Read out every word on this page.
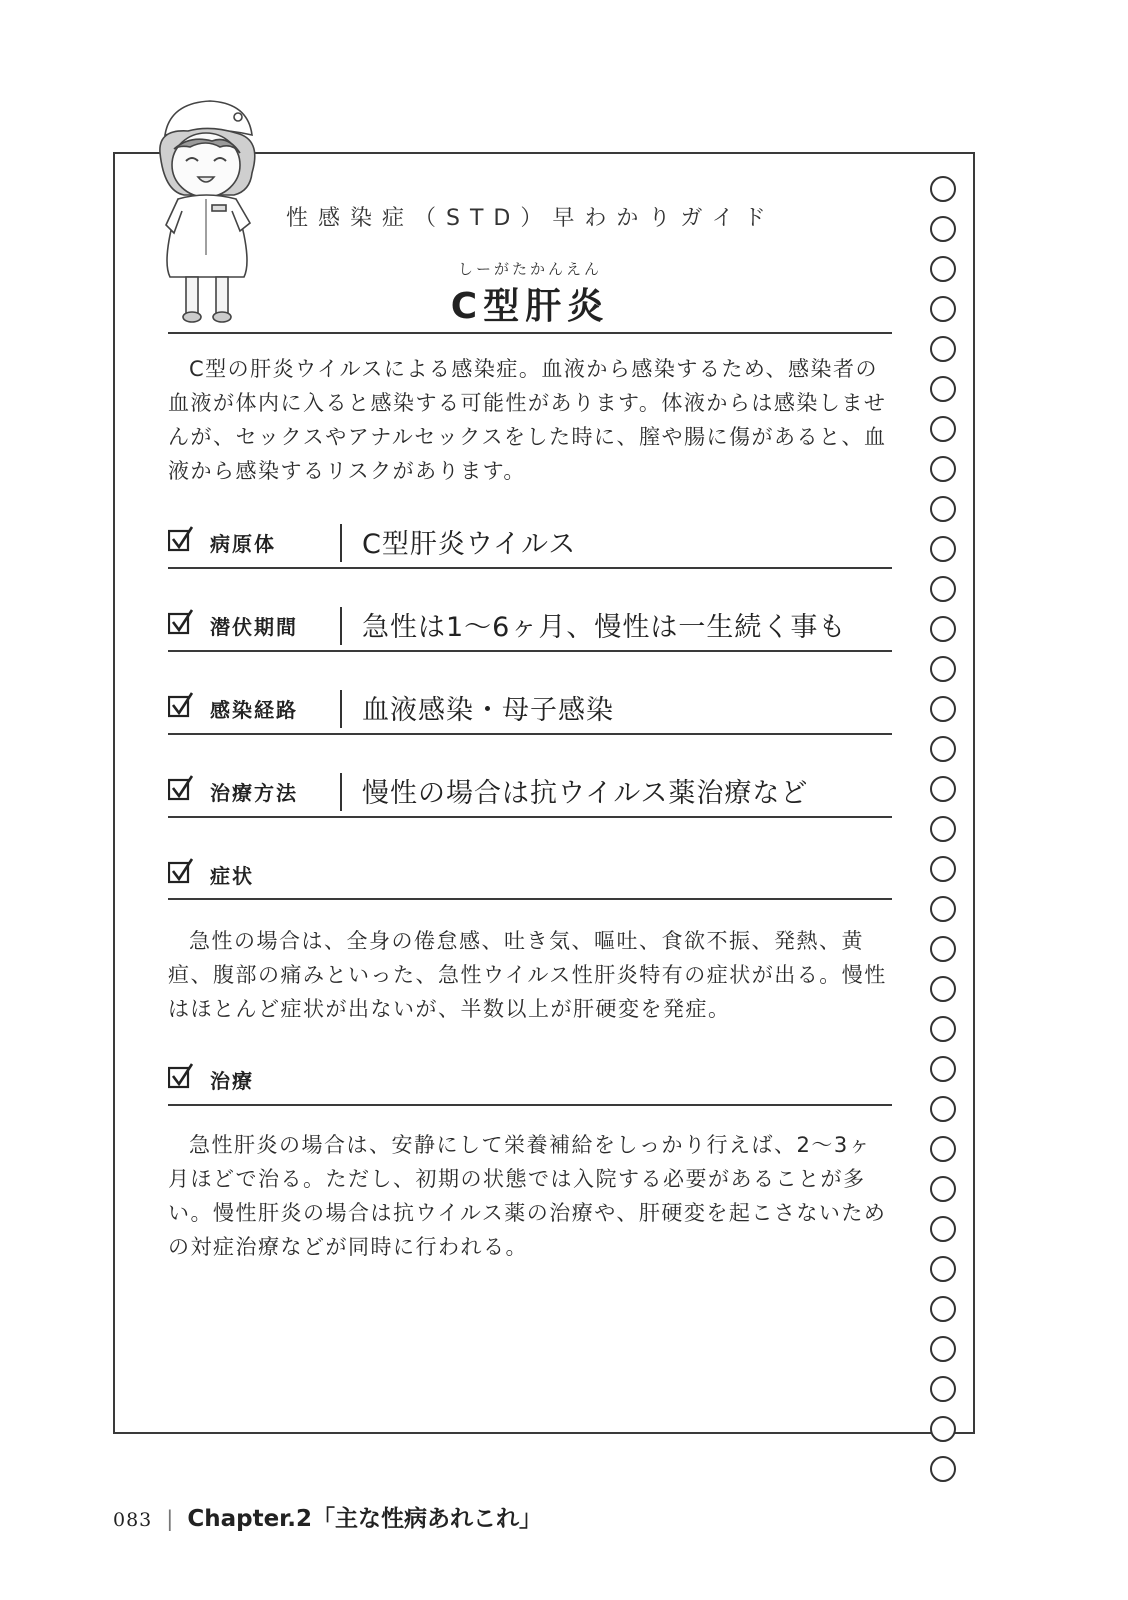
性感染症（STD）早わかりガイド
しーがたかんえん
C型肝炎

C型の肝炎ウイルスによる感染症。血液から感染するため、感染者の血液が体内に入ると感染する可能性があります。体液からは感染しませんが、セックスやアナルセックスをした時に、膣や腸に傷があると、血液から感染するリスクがあります。

病原体	C型肝炎ウイルス
潜伏期間 急性は1～6ヶ月、慢性は一生続く事も
感染経路 血液感染・母子感染
治療方法 慢性の場合は抗ウイルス薬治療など
症状

急性の場合は、全身の倦怠感、吐き気、嘔吐、食欲不振、発熱、黄疸、腹部の痛みといった、急性ウイルス性肝炎特有の症状が出る。慢性はほとんど症状が出ないが、半数以上が肝硬変を発症。

治療

急性肝炎の場合は、安静にして栄養補給をしっかり行えば、2～3ヶ月ほどで治る。ただし、初期の状態では入院する必要があることが多い。慢性肝炎の場合は抗ウイルス薬の治療や、肝硬変を起こさないための対症治療などが同時に行われる。

083 | Chapter.2「主な性病あれこれ」
